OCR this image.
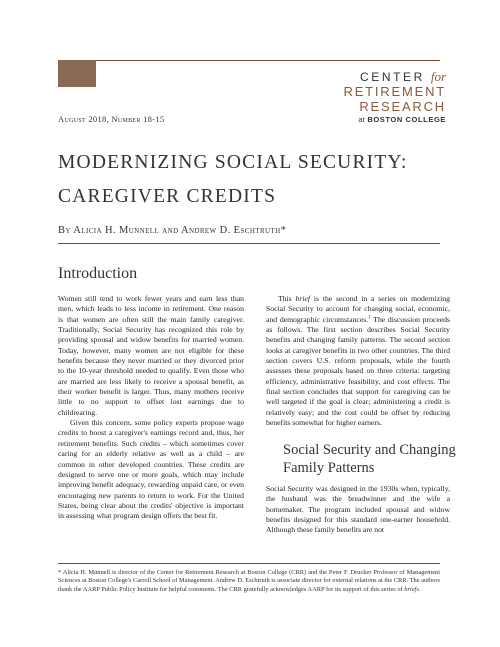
CENTER for
RETIREMENT
RESEARCH
at BOSTON COLLEGE
August 2018, Number 18-15
MODERNIZING SOCIAL SECURITY:
CAREGIVER CREDITS
By Alicia H. Munnell and Andrew D. Eschtruth*
Introduction

Women still tend to work fewer years and earn less than men, which leads to less income in retirement. One reason is that women are often still the main family caregiver. Traditionally, Social Security has recognized this role by providing spousal and widow benefits for married women. Today, however, many women are not eligible for these benefits because they never married or they divorced prior to the 10-year threshold needed to qualify. Even those who are married are less likely to receive a spousal benefit, as their worker benefit is larger. Thus, many mothers receive little to no support to offset lost earnings due to childrearing.

Given this concern, some policy experts propose wage credits to boost a caregiver's earnings record and, thus, her retirement benefits. Such credits – which sometimes cover caring for an elderly relative as well as a child – are common in other developed countries. These credits are designed to serve one or more goals, which may include improving benefit adequacy, rewarding unpaid care, or even encouraging new parents to return to work. For the United States, being clear about the credits' objective is important in assessing what program design offers the best fit.

This brief is the second in a series on modernizing Social Security to account for changing social, economic, and demographic circumstances.$^1$ The discussion proceeds as follows. The first section describes Social Security benefits and changing family patterns. The second section looks at caregiver benefits in two other countries. The third section covers U.S. reform proposals, while the fourth assesses these proposals based on three criteria: targeting efficiency, administrative feasibility, and cost effects. The final section concludes that support for caregiving can be well targeted if the goal is clear; administering a credit is relatively easy; and the cost could be offset by reducing benefits somewhat for higher earners.

Social Security and Changing Family Patterns

Social Security was designed in the 1930s when, typically, the husband was the breadwinner and the wife a homemaker. The program included spousal and widow benefits designed for this standard one-earner household. Although these family benefits are not

* Alicia H. Munnell is director of the Center for Retirement Research at Boston College (CRR) and the Peter F. Drucker Professor of Management Sciences at Boston College's Carroll School of Management. Andrew D. Eschtruth is associate director for external relations at the CRR. The authors thank the AARP Public Policy Institute for helpful comments. The CRR gratefully acknowledges AARP for its support of this series of briefs.
